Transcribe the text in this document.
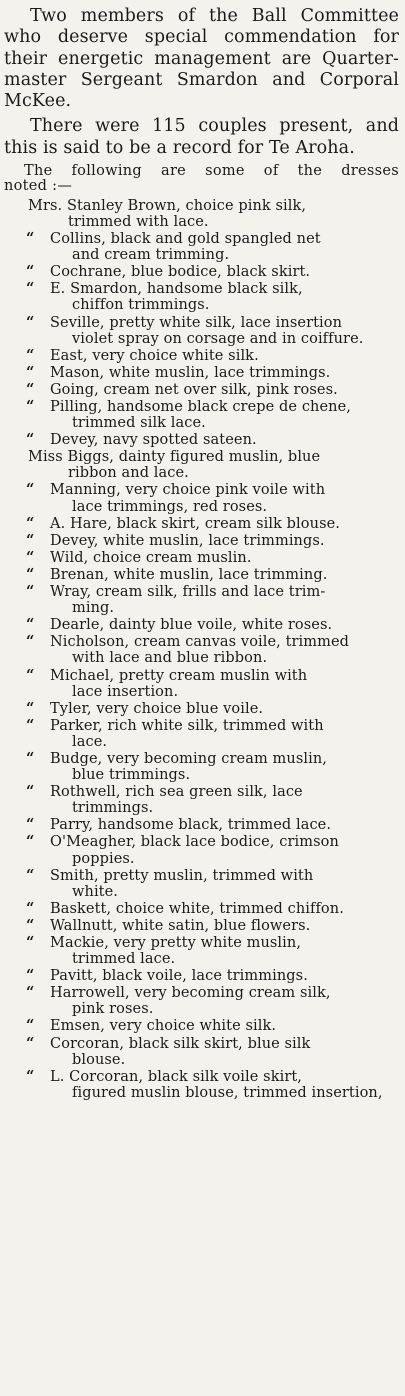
Two members of the Ball Committee who deserve special commendation for their energetic management are Quarter-master Sergeant Smardon and Corporal McKee.

There were 115 couples present, and this is said to be a record for Te Aroha.

The following are some of the dresses
noted :—
Mrs. Stanley Brown, choice pink silk,
trimmed with lace.
“	Collins, black and gold spangled net
and cream trimming.
“	Cochrane, blue bodice, black skirt.
“	E. Smardon, handsome black silk,
chiffon trimmings.
“	Seville, pretty white silk, lace insertion
violet spray on corsage and in coiffure.
“	East, very choice white silk.
“	Mason, white muslin, lace trimmings.
“	Going, cream net over silk, pink roses.
“	Pilling, handsome black crepe de chene,
trimmed silk lace.
“	Devey, navy spotted sateen.
Miss Biggs, dainty figured muslin, blue
ribbon and lace.
“	Manning, very choice pink voile with
lace trimmings, red roses.
“	A. Hare, black skirt, cream silk blouse.
“	Devey, white muslin, lace trimmings.
“	Wild, choice cream muslin.
“	Brenan, white muslin, lace trimming.
“	Wray, cream silk, frills and lace trim-
ming.
“	Dearle, dainty blue voile, white roses.
“	Nicholson, cream canvas voile, trimmed
with lace and blue ribbon.
“	Michael, pretty cream muslin with
lace insertion.
“	Tyler, very choice blue voile.
“	Parker, rich white silk, trimmed with
lace.
“	Budge, very becoming cream muslin,
blue trimmings.
“	Rothwell, rich sea green silk, lace
trimmings.
“	Parry, handsome black, trimmed lace.
“	O'Meagher, black lace bodice, crimson
poppies.
“	Smith, pretty muslin, trimmed with
white.
“	Baskett, choice white, trimmed chiffon.
“	Wallnutt, white satin, blue flowers.
“	Mackie, very pretty white muslin,
trimmed lace.
“	Pavitt, black voile, lace trimmings.
“	Harrowell, very becoming cream silk,
pink roses.
“	Emsen, very choice white silk.
“	Corcoran, black silk skirt, blue silk
blouse.
“	L. Corcoran, black silk voile skirt,
figured muslin blouse, trimmed insertion,
